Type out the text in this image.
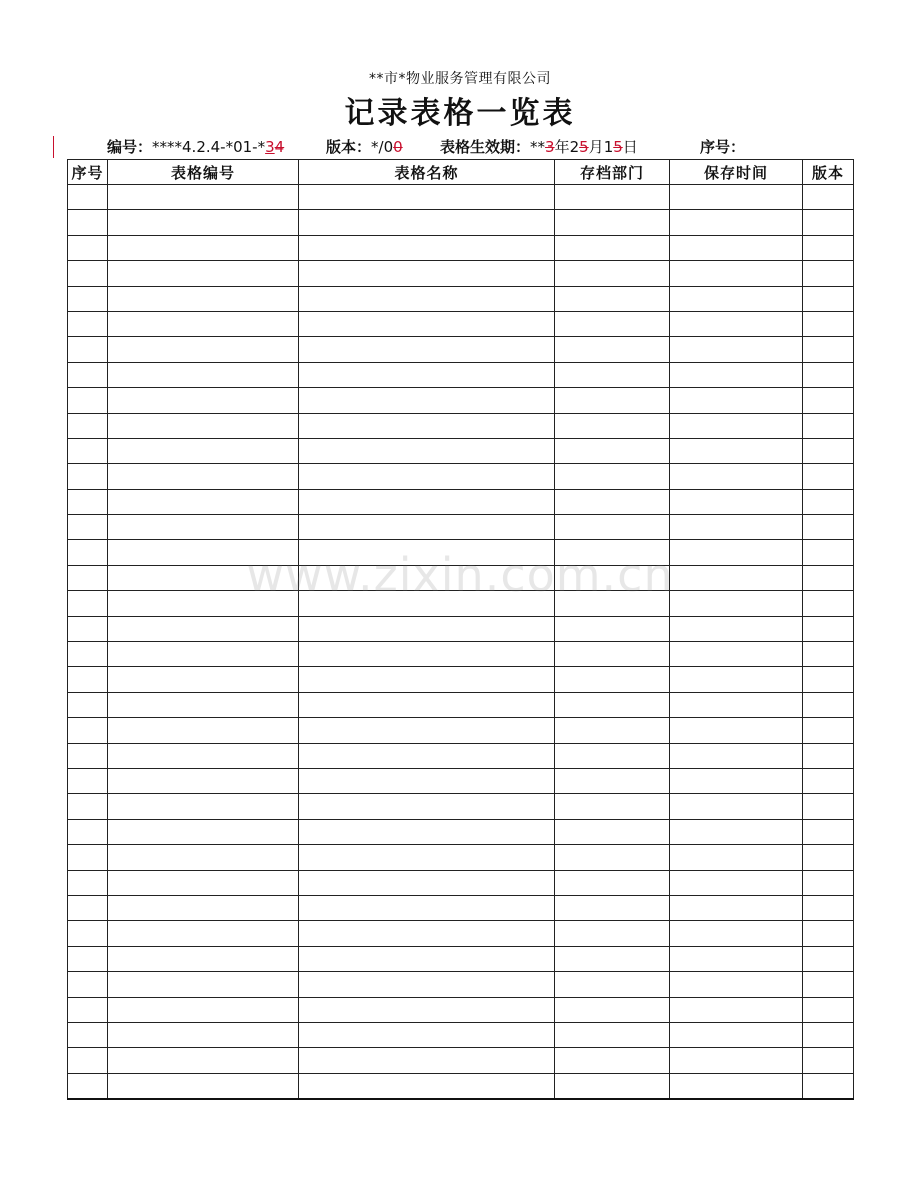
**市*物业服务管理有限公司
记录表格一览表
编号：****4.2.4-*01-*34	版本：*/00 表格生效期：**3年25月15日	序号：
序号	表格编号	表格名称	存档部门	保存时间	版本

www.zixin.com.cn
